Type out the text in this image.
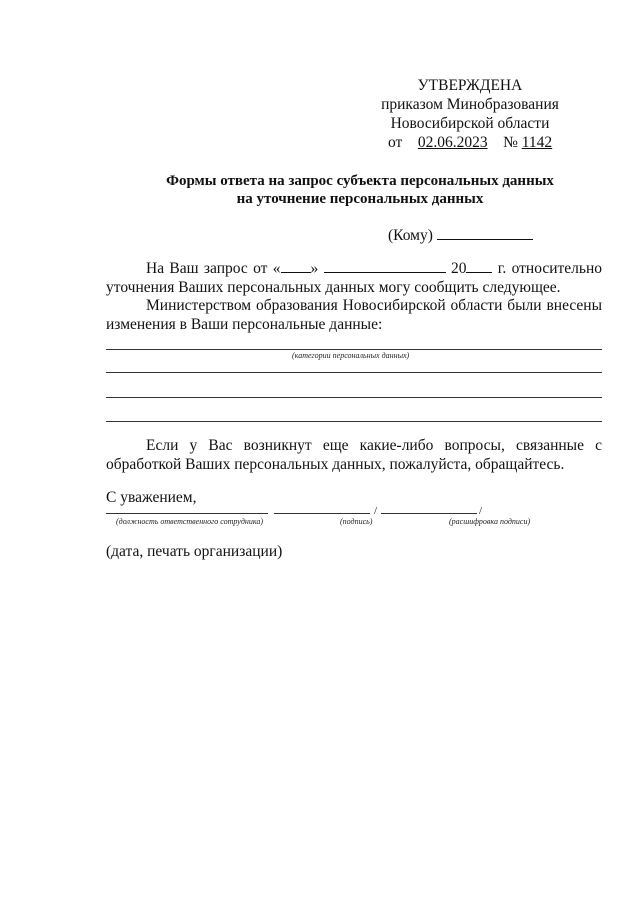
УТВЕРЖДЕНА
приказом Минобразования
Новосибирской области
от 02.06.2023 № 1142
Формы ответа на запрос субъекта персональных данных
на уточнение персональных данных
(Кому)
На Ваш запрос от « »	20 г. относительно
уточнения Ваших персональных данных могу сообщить следующее.
Министерством образования Новосибирской области были внесены изменения в Ваши персональные данные:
(категории персональных данных)
Если у Вас возникнут еще какие-либо вопросы, связанные с обработкой Ваших персональных данных, пожалуйста, обращайтесь.
С уважением,
/	/
(должность ответственного сотрудника)	(подпись)	(расшифровка подписи)
(дата, печать организации)
